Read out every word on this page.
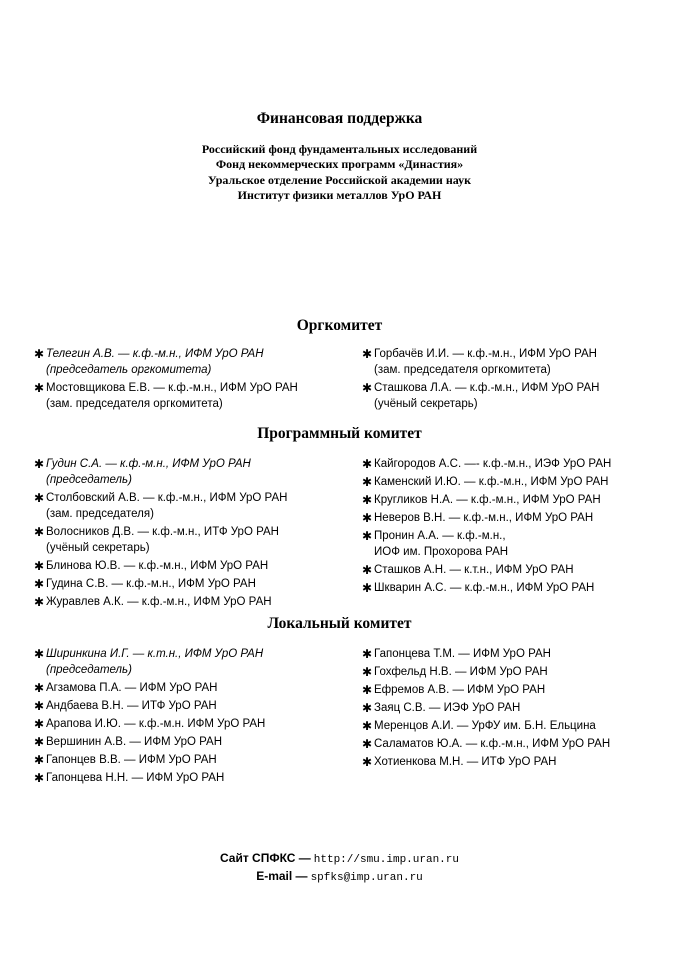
Финансовая поддержка
Российский фонд фундаментальных исследований
Фонд некоммерческих программ «Династия»
Уральское отделение Российской академии наук
Институт физики металлов УрО РАН
Оргкомитет
✱ Телегин А.В. — к.ф.-м.н., ИФМ УрО РАН
(председатель оргкомитета)
✱ Мостовщикова Е.В. — к.ф.-м.н., ИФМ УрО РАН
(зам. председателя оргкомитета)
✱ Горбачёв И.И. — к.ф.-м.н., ИФМ УрО РАН
(зам. председателя оргкомитета)
✱ Сташкова Л.А. — к.ф.-м.н., ИФМ УрО РАН
(учёный секретарь)
Программный комитет
✱ Гудин С.А. — к.ф.-м.н., ИФМ УрО РАН
(председатель)
✱ Столбовский А.В. — к.ф.-м.н., ИФМ УрО РАН
(зам. председателя)
✱ Волосников Д.В. — к.ф.-м.н., ИТФ УрО РАН
(учёный секретарь)
✱ Блинова Ю.В. — к.ф.-м.н., ИФМ УрО РАН
✱ Гудина С.В. — к.ф.-м.н., ИФМ УрО РАН
✱ Журавлев А.К. — к.ф.-м.н., ИФМ УрО РАН
✱ Кайгородов А.С. —- к.ф.-м.н., ИЭФ УрО РАН
✱ Каменский И.Ю. — к.ф.-м.н., ИФМ УрО РАН
✱ Кругликов Н.А. — к.ф.-м.н., ИФМ УрО РАН
✱ Неверов В.Н. — к.ф.-м.н., ИФМ УрО РАН
✱ Пронин А.А. — к.ф.-м.н.,
ИОФ им. Прохорова РАН
✱ Сташков А.Н. — к.т.н., ИФМ УрО РАН
✱ Шкварин А.С. — к.ф.-м.н., ИФМ УрО РАН
Локальный комитет
✱ Ширинкина И.Г. — к.т.н., ИФМ УрО РАН
(председатель)
✱ Агзамова П.А. — ИФМ УрО РАН
✱ Андбаева В.Н. — ИТФ УрО РАН
✱ Арапова И.Ю. — к.ф.-м.н. ИФМ УрО РАН
✱ Вершинин А.В. — ИФМ УрО РАН
✱ Гапонцев В.В. — ИФМ УрО РАН
✱ Гапонцева Н.Н. — ИФМ УрО РАН
✱ Гапонцева Т.М. — ИФМ УрО РАН
✱ Гохфельд Н.В. — ИФМ УрО РАН
✱ Ефремов А.В. — ИФМ УрО РАН
✱ Заяц С.В. — ИЭФ УрО РАН
✱ Меренцов А.И. — УрФУ им. Б.Н. Ельцина
✱ Саламатов Ю.А. — к.ф.-м.н., ИФМ УрО РАН
✱ Хотиенкова М.Н. — ИТФ УрО РАН
Сайт СПФКС — http://smu.imp.uran.ru
E-mail — spfks@imp.uran.ru
